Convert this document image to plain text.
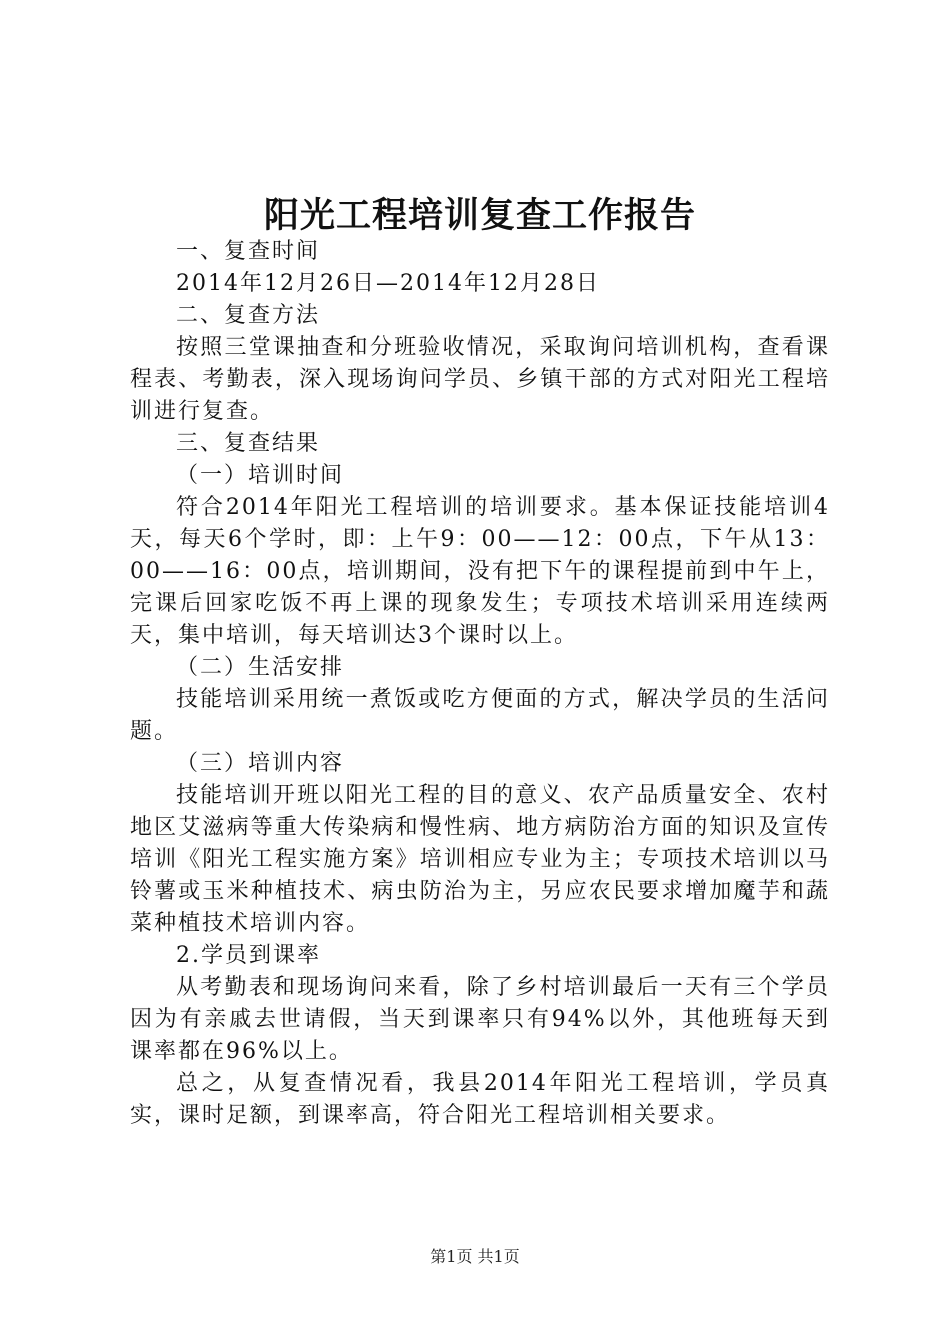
阳光工程培训复查工作报告

一、复查时间

2014年12月26日—2014年12月28日

二、复查方法

按照三堂课抽查和分班验收情况，采取询问培训机构，查看课程表、考勤表，深入现场询问学员、乡镇干部的方式对阳光工程培训进行复查。

三、复查结果

（一）培训时间

符合2014年阳光工程培训的培训要求。基本保证技能培训4天，每天6个学时，即：上午9：00——12：00点，下午从13：00——16：00点，培训期间，没有把下午的课程提前到中午上，完课后回家吃饭不再上课的现象发生；专项技术培训采用连续两天，集中培训，每天培训达3个课时以上。

（二）生活安排

技能培训采用统一煮饭或吃方便面的方式，解决学员的生活问题。

（三）培训内容

技能培训开班以阳光工程的目的意义、农产品质量安全、农村地区艾滋病等重大传染病和慢性病、地方病防治方面的知识及宣传培训《阳光工程实施方案》培训相应专业为主；专项技术培训以马铃薯或玉米种植技术、病虫防治为主，另应农民要求增加魔芋和蔬菜种植技术培训内容。

2.学员到课率

从考勤表和现场询问来看，除了乡村培训最后一天有三个学员因为有亲戚去世请假，当天到课率只有94%以外，其他班每天到课率都在96%以上。

总之，从复查情况看，我县2014年阳光工程培训，学员真实，课时足额，到课率高，符合阳光工程培训相关要求。

第1页 共1页
